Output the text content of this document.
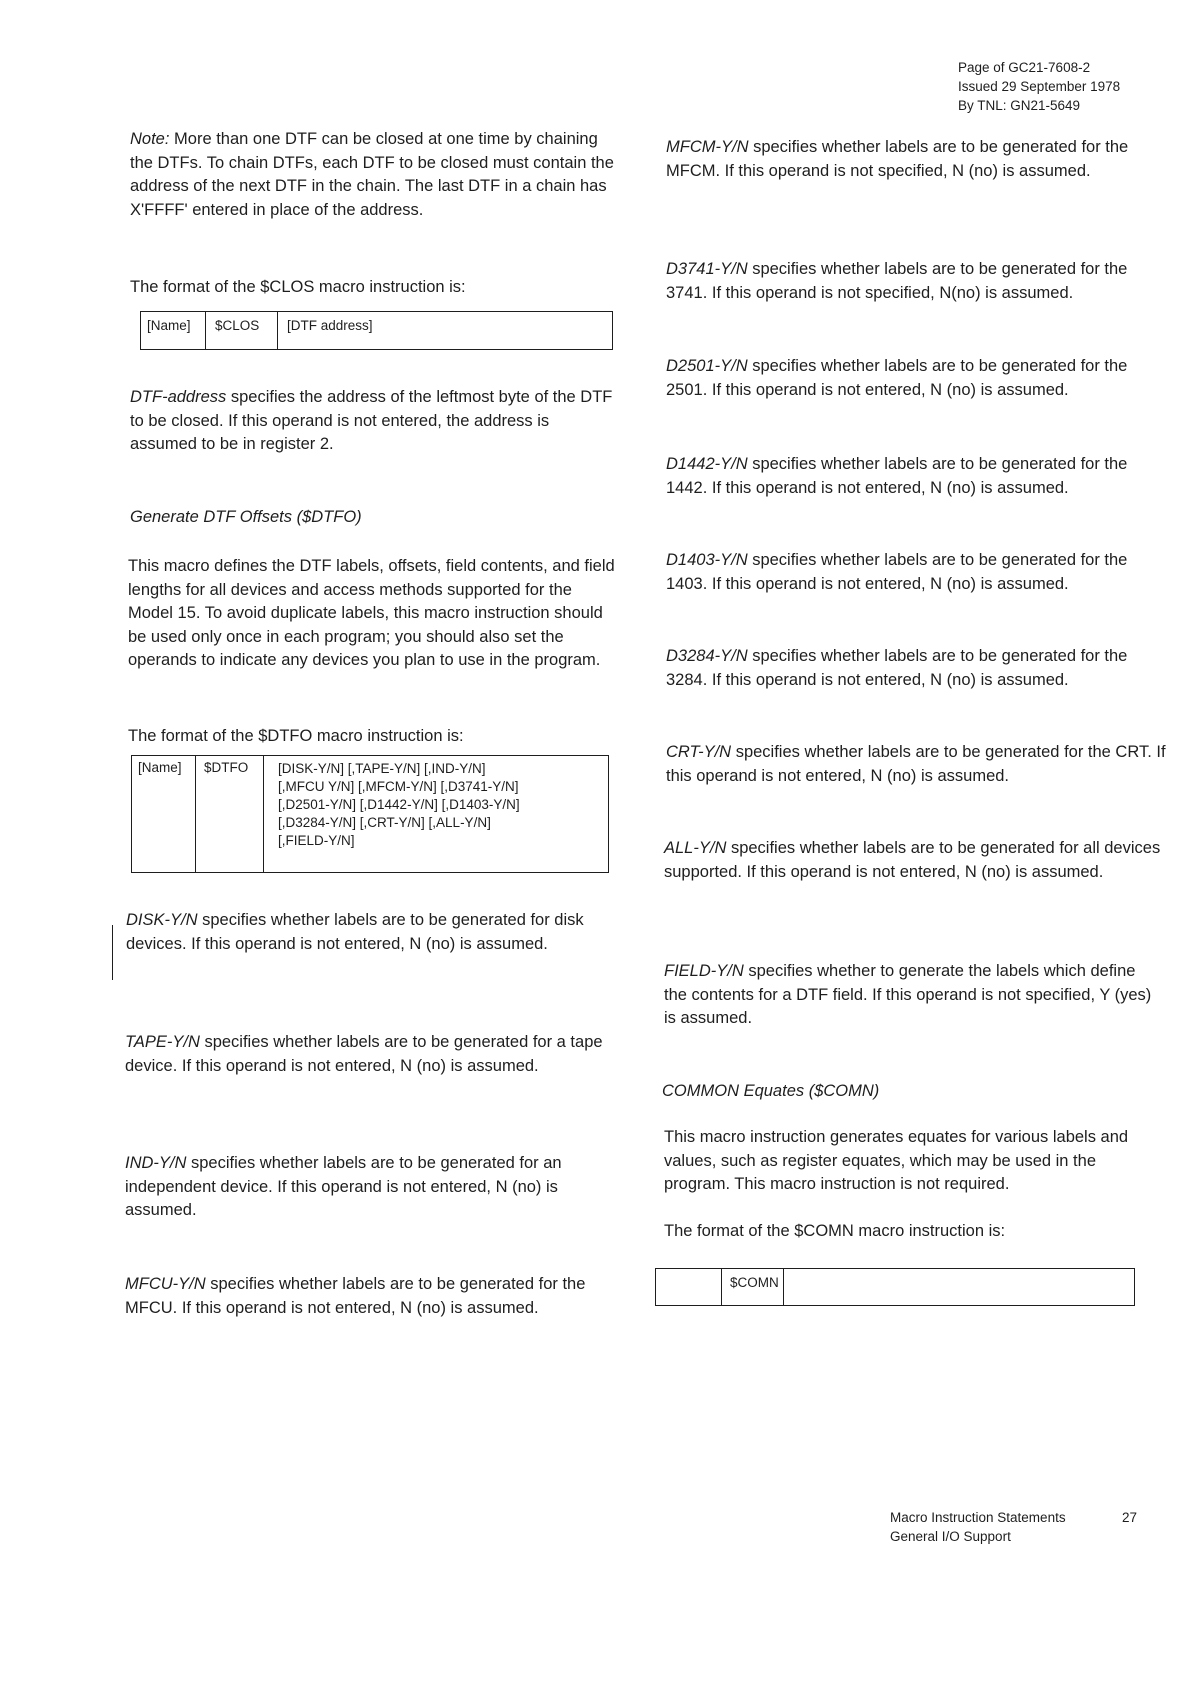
Page of GC21-7608-2
Issued 29 September 1978
By TNL: GN21-5649
Note: More than one DTF can be closed at one time by chaining the DTFs. To chain DTFs, each DTF to be closed must contain the address of the next DTF in the chain. The last DTF in a chain has X'FFFF' entered in place of the address.
The format of the $CLOS macro instruction is:
[Name]	$CLOS	[DTF address]
DTF-address specifies the address of the leftmost byte of the DTF to be closed. If this operand is not entered, the address is assumed to be in register 2.
Generate DTF Offsets ($DTFO)
This macro defines the DTF labels, offsets, field contents, and field lengths for all devices and access methods supported for the Model 15. To avoid duplicate labels, this macro instruction should be used only once in each program; you should also set the operands to indicate any devices you plan to use in the program.
The format of the $DTFO macro instruction is:
[Name]	$DTFO	[DISK-Y/N] [,TAPE-Y/N] [,IND-Y/N]
[,MFCU Y/N] [,MFCM-Y/N] [,D3741-Y/N]
[,D2501-Y/N] [,D1442-Y/N] [,D1403-Y/N]
[,D3284-Y/N] [,CRT-Y/N] [,ALL-Y/N]
[,FIELD-Y/N]
DISK-Y/N specifies whether labels are to be generated for disk devices. If this operand is not entered, N (no) is assumed.
TAPE-Y/N specifies whether labels are to be generated for a tape device. If this operand is not entered, N (no) is assumed.
IND-Y/N specifies whether labels are to be generated for an independent device. If this operand is not entered, N (no) is assumed.
MFCU-Y/N specifies whether labels are to be generated for the MFCU. If this operand is not entered, N (no) is assumed.
MFCM-Y/N specifies whether labels are to be generated for the MFCM. If this operand is not specified, N (no) is assumed.
D3741-Y/N specifies whether labels are to be generated for the 3741. If this operand is not specified, N(no) is assumed.
D2501-Y/N specifies whether labels are to be generated for the 2501. If this operand is not entered, N (no) is assumed.
D1442-Y/N specifies whether labels are to be generated for the 1442. If this operand is not entered, N (no) is assumed.
D1403-Y/N specifies whether labels are to be generated for the 1403. If this operand is not entered, N (no) is assumed.
D3284-Y/N specifies whether labels are to be generated for the 3284. If this operand is not entered, N (no) is assumed.
CRT-Y/N specifies whether labels are to be generated for the CRT. If this operand is not entered, N (no) is assumed.
ALL-Y/N specifies whether labels are to be generated for all devices supported. If this operand is not entered, N (no) is assumed.
FIELD-Y/N specifies whether to generate the labels which define the contents for a DTF field. If this operand is not specified, Y (yes) is assumed.
COMMON Equates ($COMN)
This macro instruction generates equates for various labels and values, such as register equates, which may be used in the program. This macro instruction is not required.
The format of the $COMN macro instruction is:
$COMN
Macro Instruction Statements
General I/O Support
27
